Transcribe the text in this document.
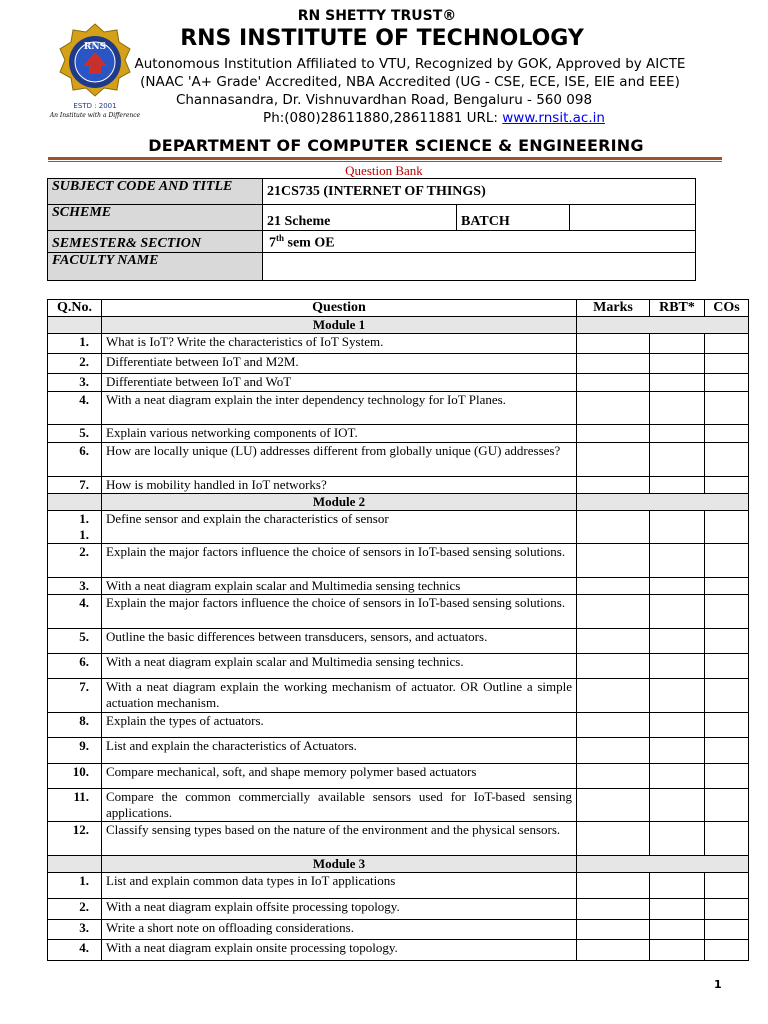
RNS
ESTD : 2001
An Institute with a Difference
RN SHETTY TRUST®
RNS INSTITUTE OF TECHNOLOGY
Autonomous Institution Affiliated to VTU, Recognized by GOK, Approved by AICTE
(NAAC 'A+ Grade' Accredited, NBA Accredited (UG - CSE, ECE, ISE, EIE and EEE)
Channasandra, Dr. Vishnuvardhan Road, Bengaluru - 560 098
Ph:(080)28611880,28611881 URL: www.rnsit.ac.in
DEPARTMENT OF COMPUTER SCIENCE & ENGINEERING
Question Bank
SUBJECT CODE AND TITLE	21CS735 (INTERNET OF THINGS)		
SCHEME	21 Scheme	BATCH	
SEMESTER& SECTION	7th sem OE		
FACULTY NAME			
Q.No.	Question	Marks	RBT*	COs
	Module 1			
1.	What is IoT? Write the characteristics of IoT System.			
2.	Differentiate between IoT and M2M.			
3.	Differentiate between IoT and WoT			
4.	With a neat diagram explain the inter dependency technology for IoT Planes.			
5.	Explain various networking components of IOT.			
6.	How are locally unique (LU) addresses different from globally unique (GU) addresses?			
7.	How is mobility handled in IoT networks?			
	Module 2			
1.
1.	Define sensor and explain the characteristics of sensor			
2.	Explain the major factors influence the choice of sensors in IoT-based sensing solutions.			
3.	With a neat diagram explain scalar and Multimedia sensing technics			
4.	Explain the major factors influence the choice of sensors in IoT-based sensing solutions.			
5.	Outline the basic differences between transducers, sensors, and actuators.			
6.	With a neat diagram explain scalar and Multimedia sensing technics.			
7.	With a neat diagram explain the working mechanism of actuator. OR Outline a simple actuation mechanism.			
8.	Explain the types of actuators.			
9.	List and explain the characteristics of Actuators.			
10.	Compare mechanical, soft, and shape memory polymer based actuators			
11.	Compare the common commercially available sensors used for IoT-based sensing applications.			
12.	Classify sensing types based on the nature of the environment and the physical sensors.			
	Module 3			
1.	List and explain common data types in IoT applications			
2.	With a neat diagram explain offsite processing topology.			
3.	Write a short note on offloading considerations.			
4.	With a neat diagram explain onsite processing topology.			
1
